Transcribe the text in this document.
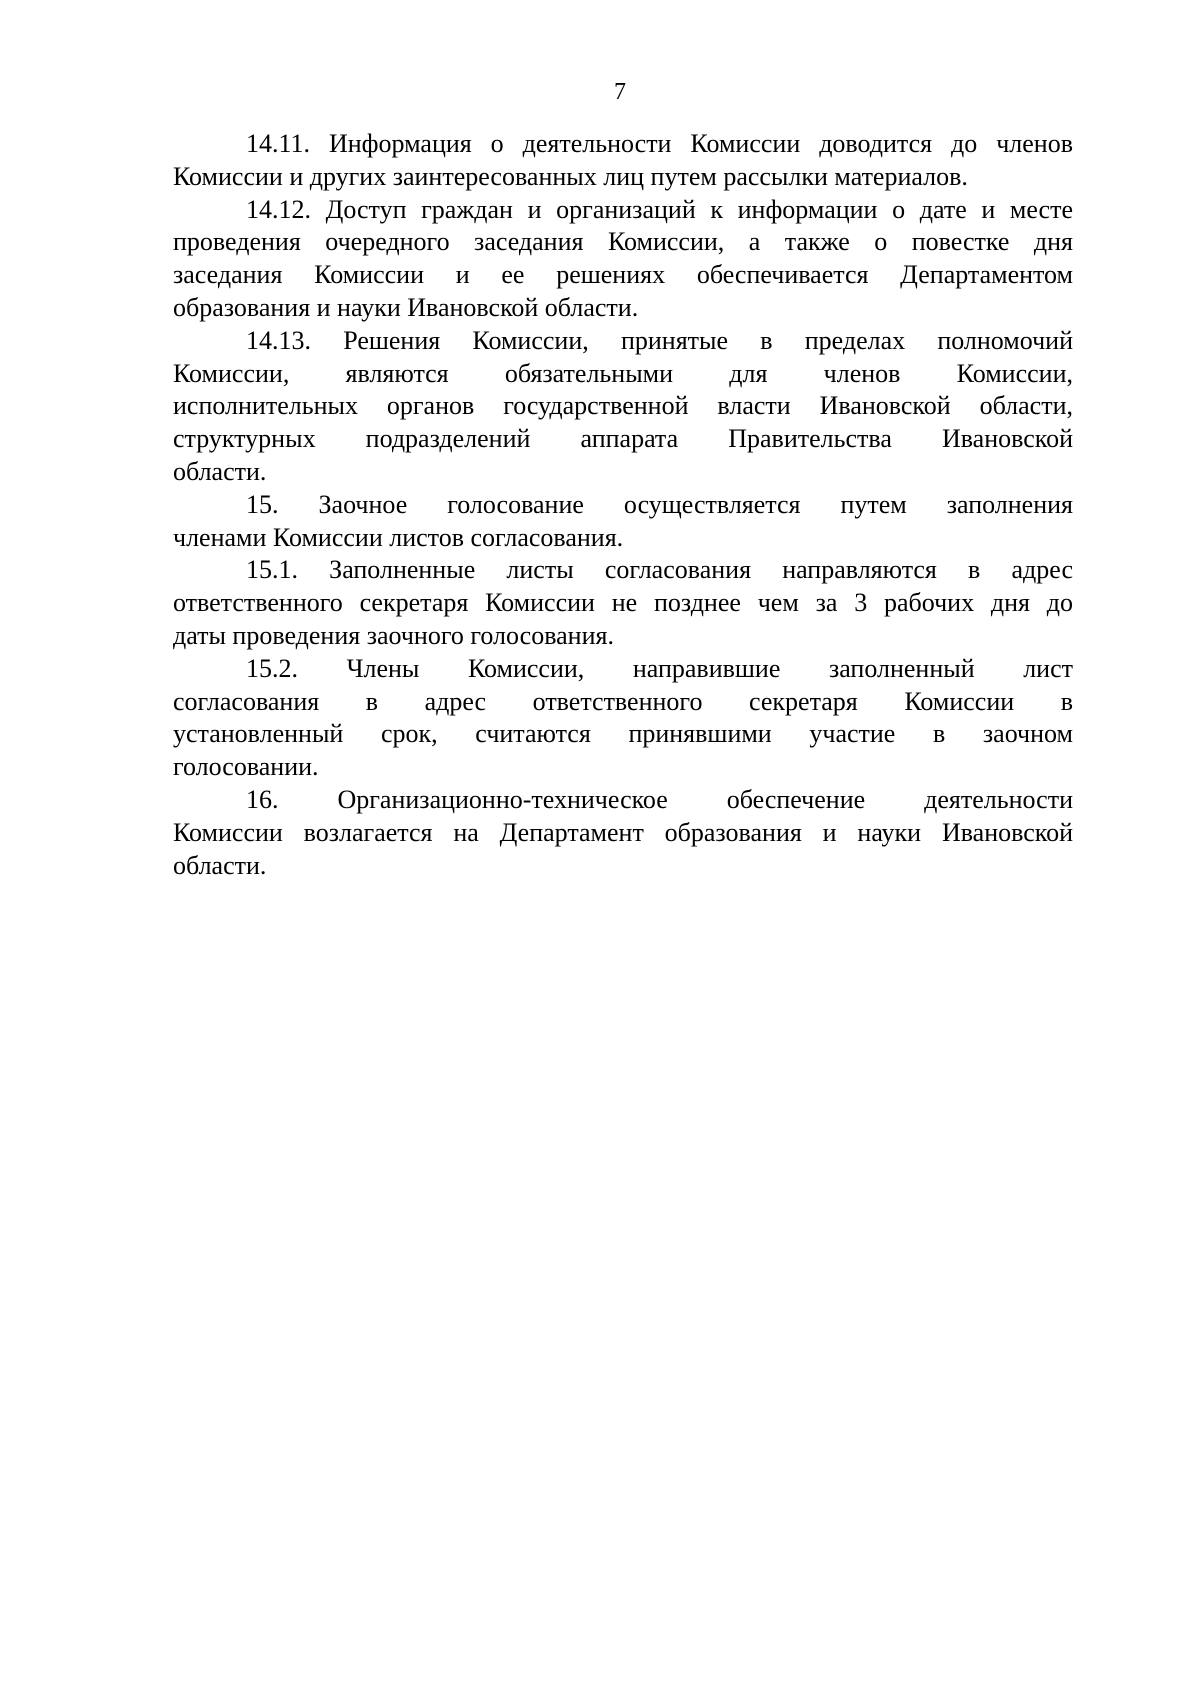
7

14.11. Информация о деятельности Комиссии доводится до членов
Комиссии и других заинтересованных лиц путем рассылки материалов.

14.12. Доступ граждан и организаций к информации о дате и месте
проведения очередного заседания Комиссии, а также о повестке дня
заседания Комиссии и ее решениях обеспечивается Департаментом
образования и науки Ивановской области.

14.13. Решения Комиссии, принятые в пределах полномочий
Комиссии, являются обязательными для членов Комиссии,
исполнительных органов государственной власти Ивановской области,
структурных подразделений аппарата Правительства Ивановской
области.

15. Заочное голосование осуществляется путем заполнения
членами Комиссии листов согласования.

15.1. Заполненные листы согласования направляются в адрес
ответственного секретаря Комиссии не позднее чем за 3 рабочих дня до
даты проведения заочного голосования.

15.2. Члены Комиссии, направившие заполненный лист
согласования в адрес ответственного секретаря Комиссии в
установленный срок, считаются принявшими участие в заочном
голосовании.

16. Организационно-техническое обеспечение деятельности
Комиссии возлагается на Департамент образования и науки Ивановской
области.
